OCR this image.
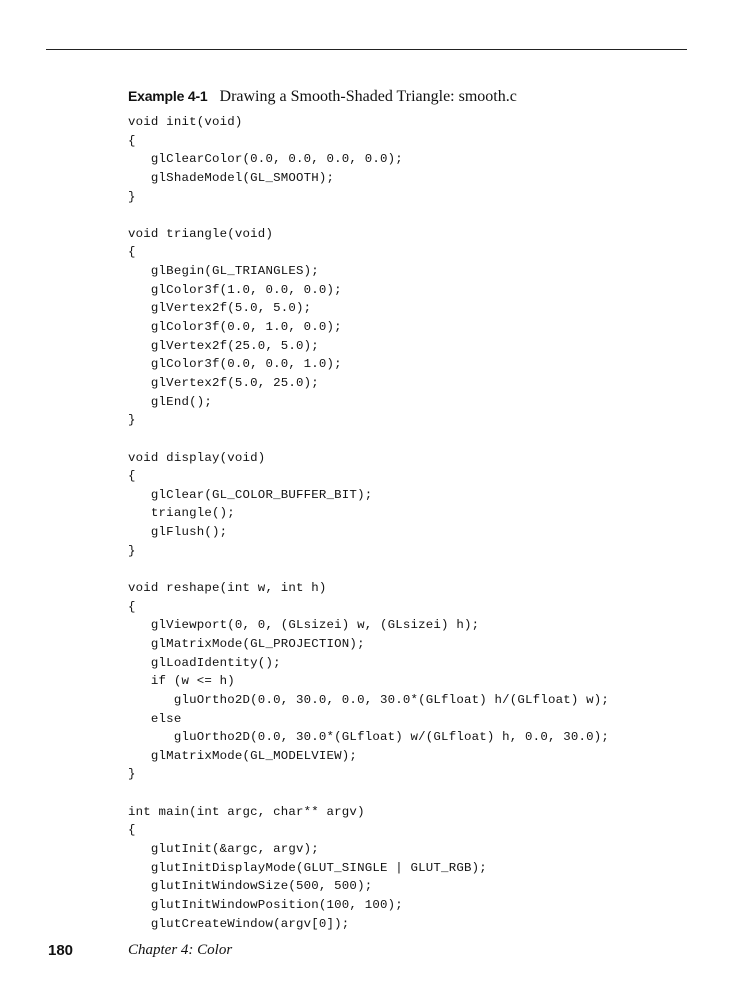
Example 4-1 Drawing a Smooth-Shaded Triangle: smooth.c
void init(void)
{
glClearColor(0.0, 0.0, 0.0, 0.0);
glShadeModel(GL_SMOOTH);
}
void triangle(void)
{
glBegin(GL_TRIANGLES);
glColor3f(1.0, 0.0, 0.0);
glVertex2f(5.0, 5.0);
glColor3f(0.0, 1.0, 0.0);
glVertex2f(25.0, 5.0);
glColor3f(0.0, 0.0, 1.0);
glVertex2f(5.0, 25.0);
glEnd();
}
void display(void)
{
glClear(GL_COLOR_BUFFER_BIT);
triangle();
glFlush();
}
void reshape(int w, int h)
{
glViewport(0, 0, (GLsizei) w, (GLsizei) h);
glMatrixMode(GL_PROJECTION);
glLoadIdentity();
if (w <= h)
gluOrtho2D(0.0, 30.0, 0.0, 30.0*(GLfloat) h/(GLfloat) w);
else
gluOrtho2D(0.0, 30.0*(GLfloat) w/(GLfloat) h, 0.0, 30.0);
glMatrixMode(GL_MODELVIEW);
}
int main(int argc, char** argv)
{
glutInit(&argc, argv);
glutInitDisplayMode(GLUT_SINGLE | GLUT_RGB);
glutInitWindowSize(500, 500);
glutInitWindowPosition(100, 100);
glutCreateWindow(argv[0]);
180	Chapter 4: Color
